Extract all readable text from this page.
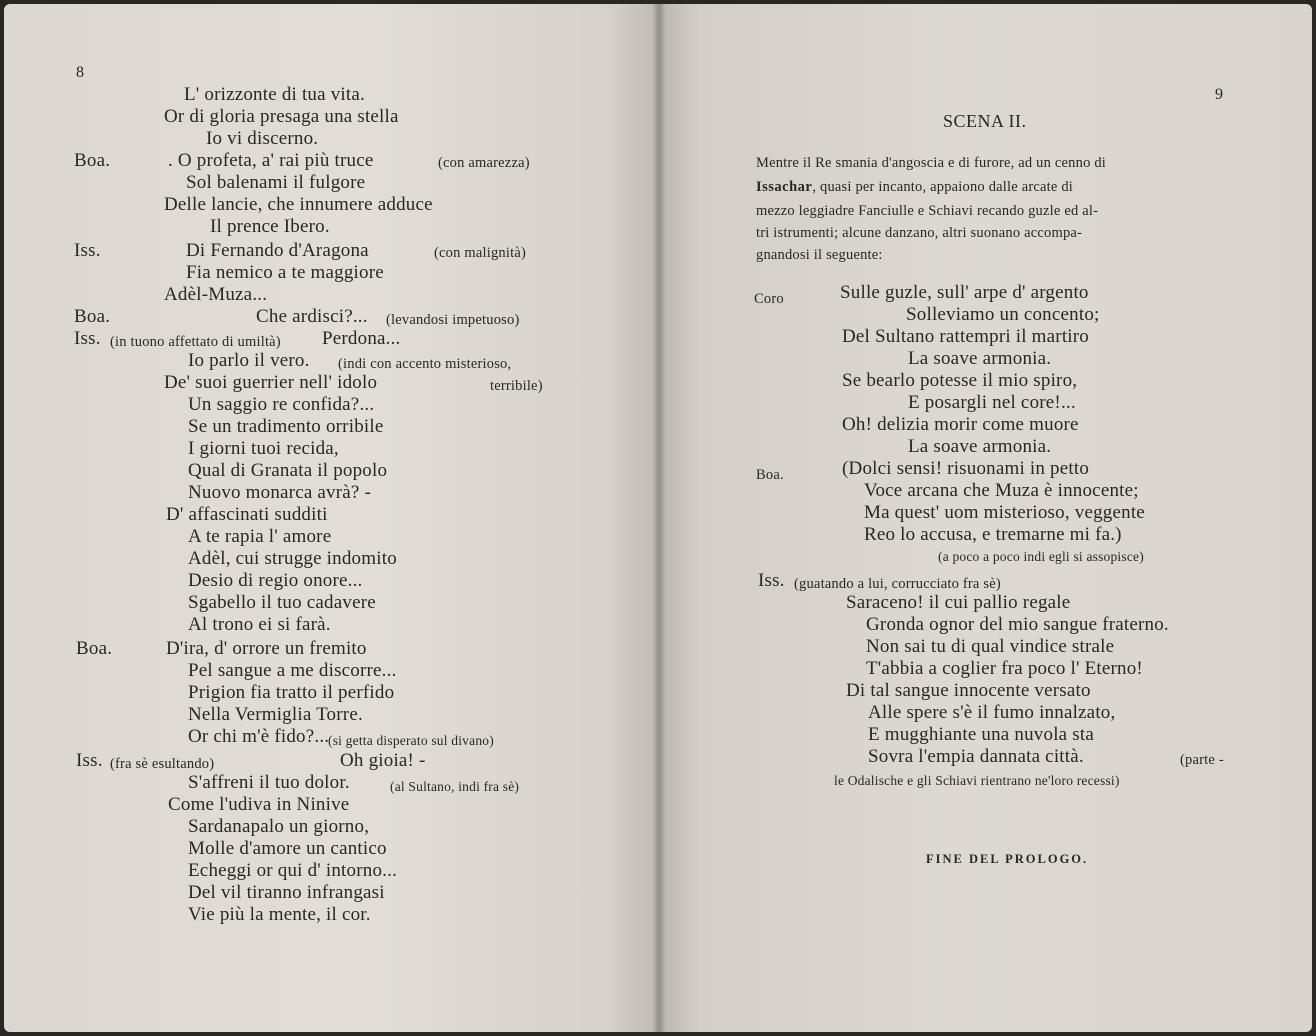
8
L' orizzonte di tua vita.
Or di gloria presaga una stella
Io vi discerno.
Boa.	. O profeta, a' rai più truce	(con amarezza)
Sol balenami il fulgore
Delle lancie, che innumere adduce
Il prence Ibero.
Iss.	Di Fernando d'Aragona	(con malignità)
Fia nemico a te maggiore
Adèl-Muza...
Boa.	Che ardisci?... (levandosi impetuoso)
Iss. (in tuono affettato di umiltà) Perdona...
Io parlo il vero. (indi con accento misterioso,
De' suoi guerrier nell' idolo	terribile)
Un saggio re confida?...
Se un tradimento orribile
I giorni tuoi recida,
Qual di Granata il popolo
Nuovo monarca avrà? -
D' affascinati sudditi
A te rapia l' amore
Adèl, cui strugge indomito
Desio di regio onore...
Sgabello il tuo cadavere
Al trono ei si farà.
Boa.	D'ira, d' orrore un fremito
Pel sangue a me discorre...
Prigion fia tratto il perfido
Nella Vermiglia Torre.
Or chi m'è fido?...
(si getta disperato sul divano)
Iss. (fra sè esultando)	Oh gioia! -
S'affreni il tuo dolor.	(al Sultano, indi fra sè)
Come l'udiva in Ninive
Sardanapalo un giorno,
Molle d'amore un cantico
Echeggi or qui d' intorno...
Del vil tiranno infrangasi
Vie più la mente, il cor.
9
SCENA II.
Mentre il Re smania d'angoscia e di furore, ad un cenno di
Issachar, quasi per incanto, appaiono dalle arcate di
mezzo leggiadre Fanciulle e Schiavi recando guzle ed al-
tri istrumenti; alcune danzano, altri suonano accompa-
gnandosi il seguente:
Coro	Sulle guzle, sull' arpe d' argento
Solleviamo un concento;
Del Sultano rattempri il martiro
La soave armonia.
Se bearlo potesse il mio spiro,
E posargli nel core!...
Oh! delizia morir come muore
La soave armonia.
Boa.	(Dolci sensi! risuonami in petto
Voce arcana che Muza è innocente;
Ma quest' uom misterioso, veggente
Reo lo accusa, e tremarne mi fa.)
(a poco a poco indi egli si assopisce)
Iss. (guatando a lui, corrucciato fra sè)
Saraceno! il cui pallio regale
Gronda ognor del mio sangue fraterno.
Non sai tu di qual vindice strale
T'abbia a coglier fra poco l' Eterno!
Di tal sangue innocente versato
Alle spere s'è il fumo innalzato,
E mugghiante una nuvola sta
Sovra l'empia dannata città.	(parte -
le Odalische e gli Schiavi rientrano ne'loro recessi)
FINE DEL PROLOGO.
